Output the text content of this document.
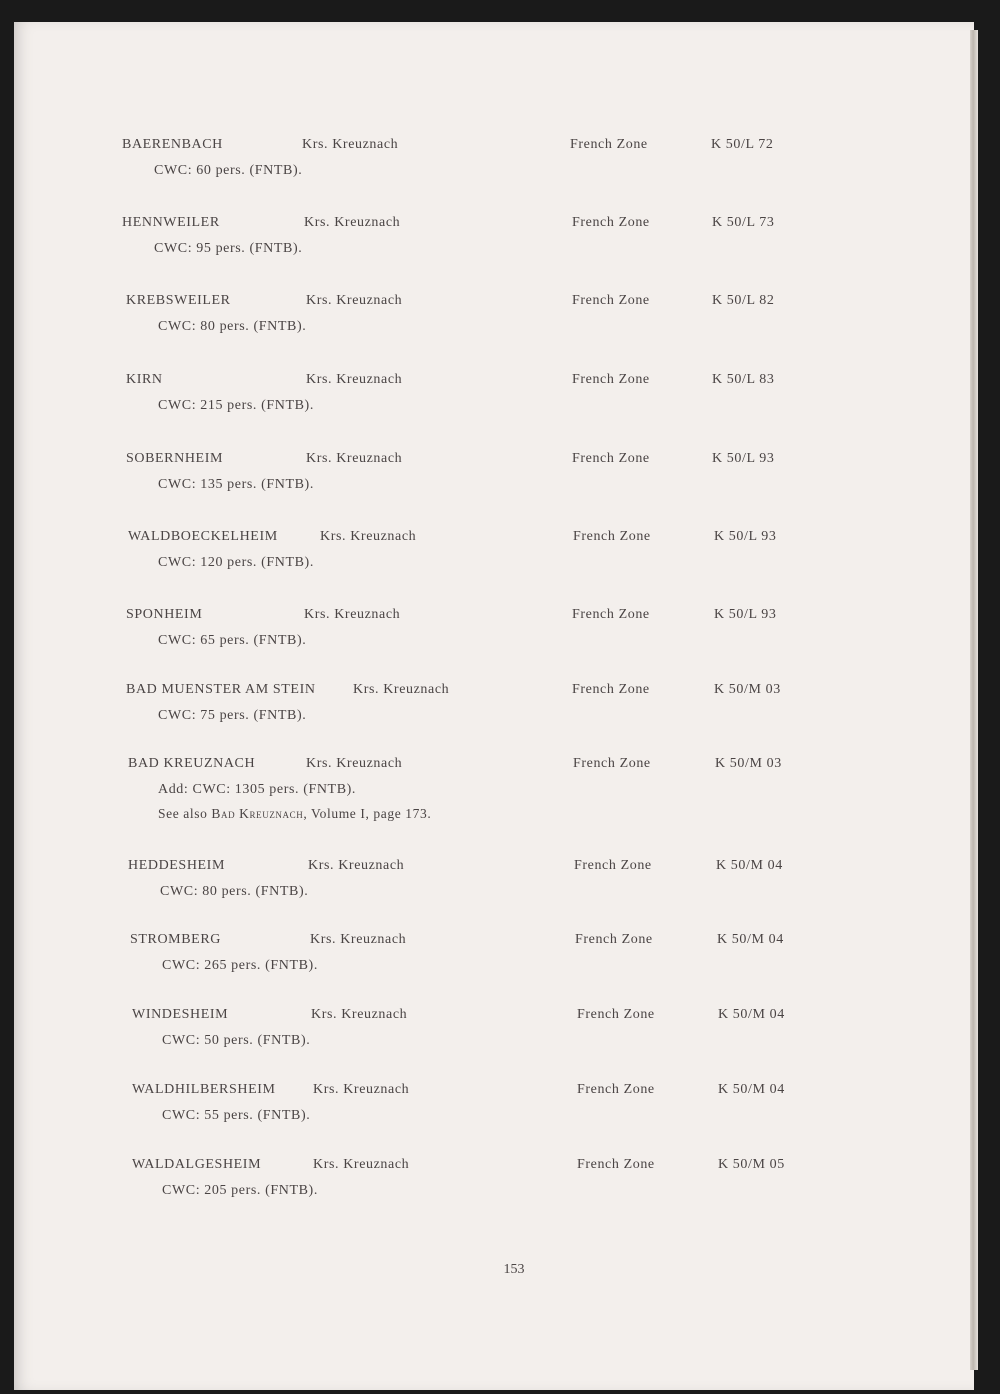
BAERENBACH	Krs. Kreuznach	French Zone	K 50/L 72
CWC: 60 pers. (FNTB).
HENNWEILER	Krs. Kreuznach	French Zone	K 50/L 73
CWC: 95 pers. (FNTB).
KREBSWEILER	Krs. Kreuznach	French Zone	K 50/L 82
CWC: 80 pers. (FNTB).
KIRN	Krs. Kreuznach	French Zone	K 50/L 83
CWC: 215 pers. (FNTB).
SOBERNHEIM	Krs. Kreuznach	French Zone	K 50/L 93
CWC: 135 pers. (FNTB).
WALDBOECKELHEIM	Krs. Kreuznach	French Zone	K 50/L 93
CWC: 120 pers. (FNTB).
SPONHEIM	Krs. Kreuznach	French Zone	K 50/L 93
CWC: 65 pers. (FNTB).
BAD MUENSTER AM STEIN	Krs. Kreuznach	French Zone	K 50/M 03
CWC: 75 pers. (FNTB).
BAD KREUZNACH	Krs. Kreuznach	French Zone	K 50/M 03
Add: CWC: 1305 pers. (FNTB).
See also Bad Kreuznach, Volume I, page 173.
HEDDESHEIM	Krs. Kreuznach	French Zone	K 50/M 04
CWC: 80 pers. (FNTB).
STROMBERG	Krs. Kreuznach	French Zone	K 50/M 04
CWC: 265 pers. (FNTB).
WINDESHEIM	Krs. Kreuznach	French Zone	K 50/M 04
CWC: 50 pers. (FNTB).
WALDHILBERSHEIM	Krs. Kreuznach	French Zone	K 50/M 04
CWC: 55 pers. (FNTB).
WALDALGESHEIM	Krs. Kreuznach	French Zone	K 50/M 05
CWC: 205 pers. (FNTB).
153
